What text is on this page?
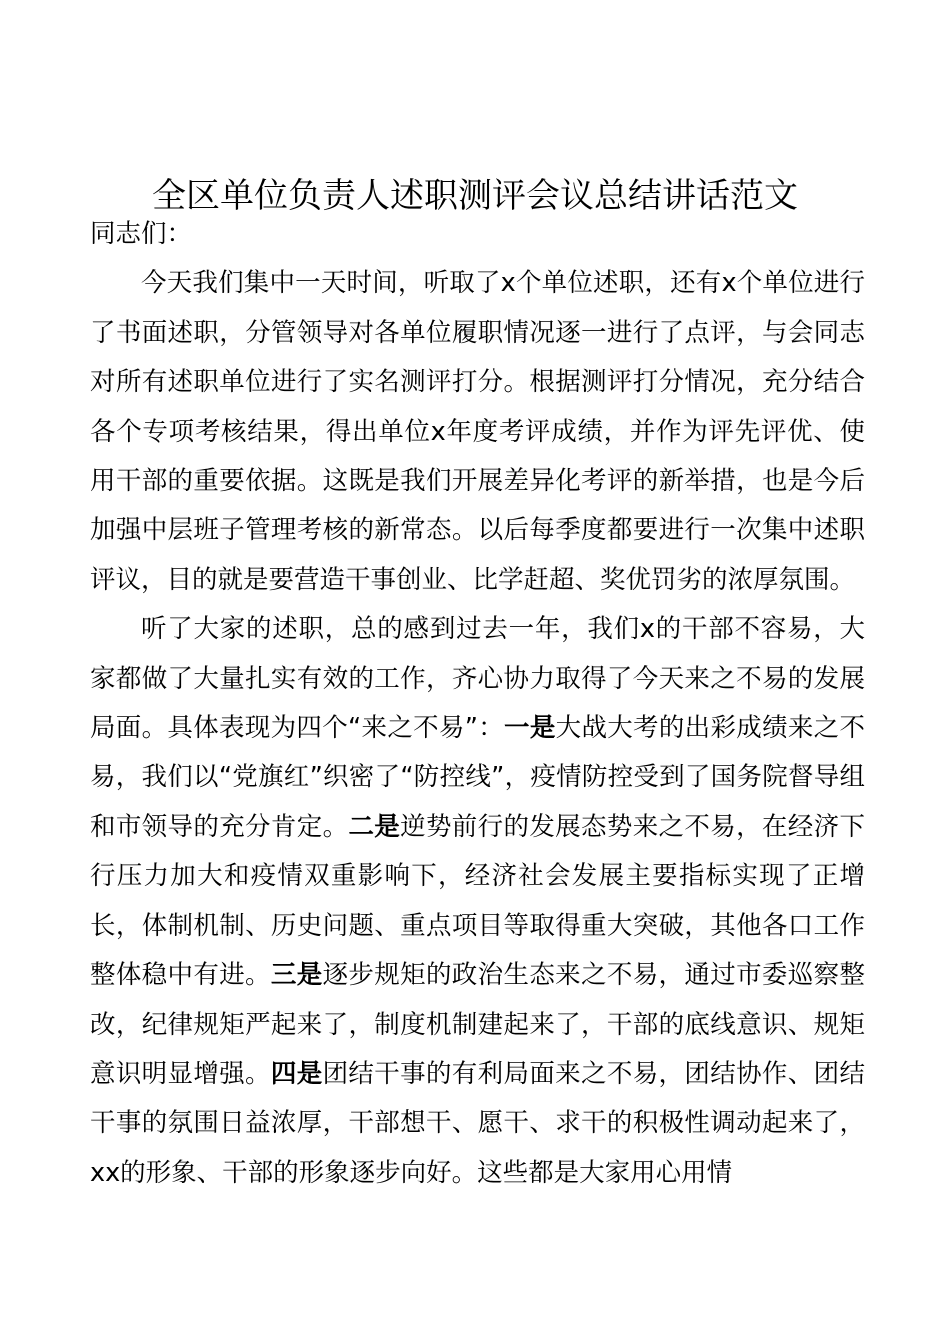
全区单位负责人述职测评会议总结讲话范文

同志们：

今天我们集中一天时间，听取了x个单位述职，还有x个单位进行了书面述职，分管领导对各单位履职情况逐一进行了点评，与会同志对所有述职单位进行了实名测评打分。根据测评打分情况，充分结合各个专项考核结果，得出单位x年度考评成绩，并作为评先评优、使用干部的重要依据。这既是我们开展差异化考评的新举措，也是今后加强中层班子管理考核的新常态。以后每季度都要进行一次集中述职评议，目的就是要营造干事创业、比学赶超、奖优罚劣的浓厚氛围。

听了大家的述职，总的感到过去一年，我们x的干部不容易，大家都做了大量扎实有效的工作，齐心协力取得了今天来之不易的发展局面。具体表现为四个“来之不易”：一是大战大考的出彩成绩来之不易，我们以“党旗红”织密了“防控线”，疫情防控受到了国务院督导组和市领导的充分肯定。二是逆势前行的发展态势来之不易，在经济下行压力加大和疫情双重影响下，经济社会发展主要指标实现了正增长，体制机制、历史问题、重点项目等取得重大突破，其他各口工作整体稳中有进。三是逐步规矩的政治生态来之不易，通过市委巡察整改，纪律规矩严起来了，制度机制建起来了，干部的底线意识、规矩意识明显增强。四是团结干事的有利局面来之不易，团结协作、团结干事的氛围日益浓厚，干部想干、愿干、求干的积极性调动起来了，xx的形象、干部的形象逐步向好。这些都是大家用心用情
